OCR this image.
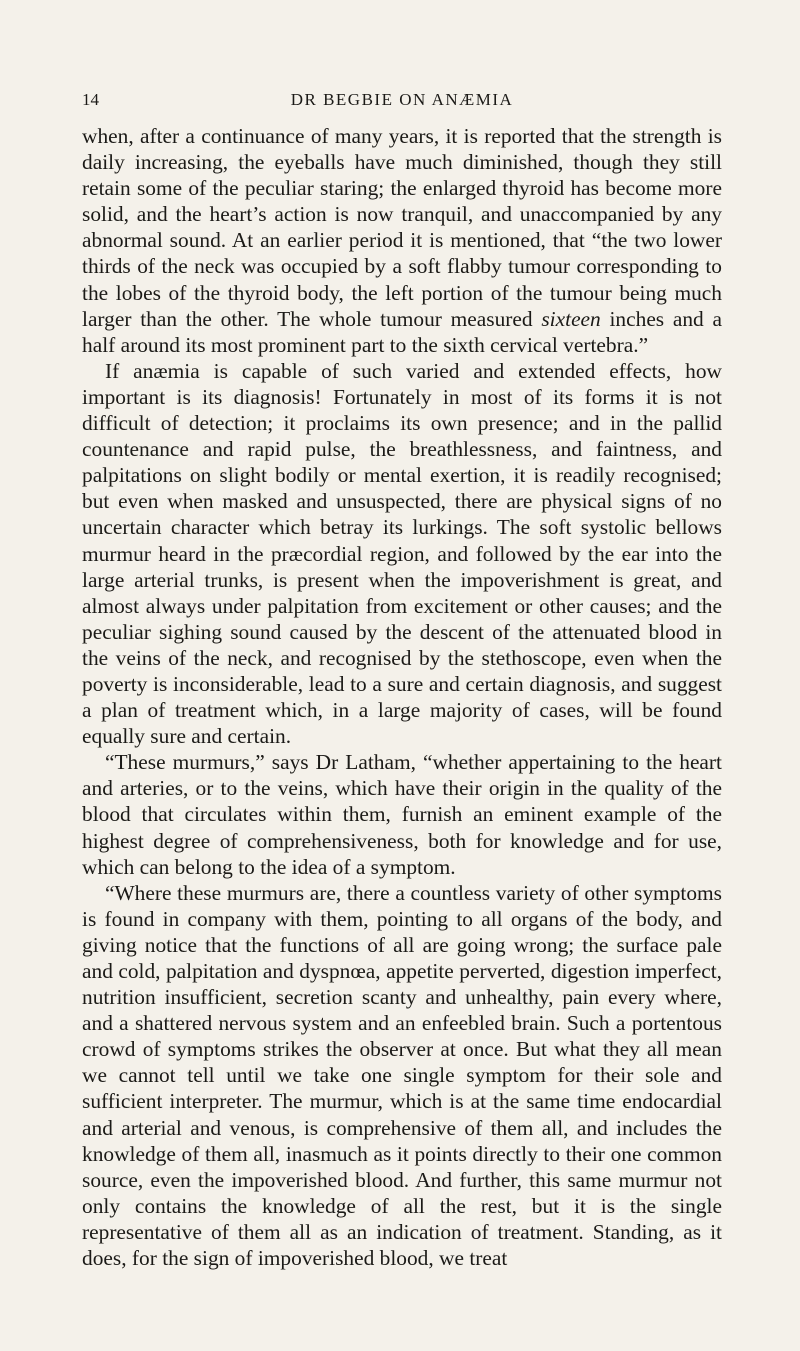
14	DR BEGBIE ON ANÆMIA

when, after a continuance of many years, it is reported that the strength is daily increasing, the eyeballs have much diminished, though they still retain some of the peculiar staring; the enlarged thyroid has become more solid, and the heart’s action is now tranquil, and unaccompanied by any abnormal sound. At an earlier period it is mentioned, that “the two lower thirds of the neck was occupied by a soft flabby tumour corresponding to the lobes of the thyroid body, the left portion of the tumour being much larger than the other. The whole tumour measured sixteen inches and a half around its most prominent part to the sixth cervical vertebra.”

If anæmia is capable of such varied and extended effects, how important is its diagnosis! Fortunately in most of its forms it is not difficult of detection; it proclaims its own presence; and in the pallid countenance and rapid pulse, the breathlessness, and faintness, and palpitations on slight bodily or mental exertion, it is readily recognised; but even when masked and unsuspected, there are physical signs of no uncertain character which betray its lurkings. The soft systolic bellows murmur heard in the præcordial region, and followed by the ear into the large arterial trunks, is present when the impoverishment is great, and almost always under palpitation from excitement or other causes; and the peculiar sighing sound caused by the descent of the attenuated blood in the veins of the neck, and recognised by the stethoscope, even when the poverty is inconsiderable, lead to a sure and certain diagnosis, and suggest a plan of treatment which, in a large majority of cases, will be found equally sure and certain.

“These murmurs,” says Dr Latham, “whether appertaining to the heart and arteries, or to the veins, which have their origin in the quality of the blood that circulates within them, furnish an eminent example of the highest degree of comprehensiveness, both for knowledge and for use, which can belong to the idea of a symptom.

“Where these murmurs are, there a countless variety of other symptoms is found in company with them, pointing to all organs of the body, and giving notice that the functions of all are going wrong; the surface pale and cold, palpitation and dyspnœa, appetite perverted, digestion imperfect, nutrition insufficient, secretion scanty and unhealthy, pain every where, and a shattered nervous system and an enfeebled brain. Such a portentous crowd of symptoms strikes the observer at once. But what they all mean we cannot tell until we take one single symptom for their sole and sufficient interpreter. The murmur, which is at the same time endocardial and arterial and venous, is comprehensive of them all, and includes the knowledge of them all, inasmuch as it points directly to their one common source, even the impoverished blood. And further, this same murmur not only contains the knowledge of all the rest, but it is the single representative of them all as an indication of treatment. Standing, as it does, for the sign of impoverished blood, we treat
